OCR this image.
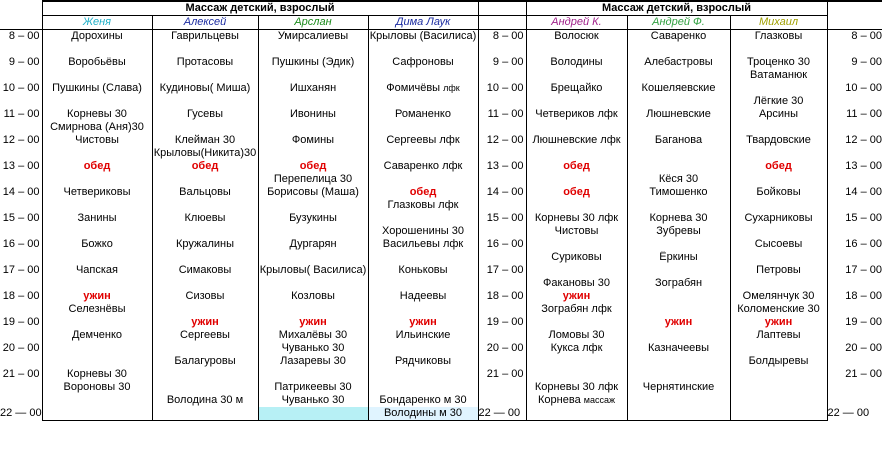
	Массаж детский, взрослый					Массаж детский, взрослый			
	Женя	Алексей	Арслан	Дима Лаук		Андрей К.	Андрей Ф.	Михаил	
8 – 00	Дорохины	Гаврильцевы	Умирсалиевы	Крыловы (Василиса)	8 – 00	Волосюк	Саваренко	Глазковы	8 – 00

9 – 00	Воробьёвы	Протасовы	Пушкины (Эдик)	Сафроновы	9 – 00	Володины	Алебастровы	Троценко 30	9 – 00
								Ватаманюк	
10 – 00	Пушкины (Слава)	Кудиновы( Миша)	Ишханян	Фомичёвы лфк	10 – 00	Брещайко	Кошеляевские		10 – 00
								Лёгкие 30	
11 – 00	Корневы 30	Гусевы	Ивонины	Романенко	11 – 00	Четвериков лфк	Люшневские	Арсины	11 – 00
	Смирнова (Аня)30								
12 – 00	Чистовы	Клейман 30	Фомины	Сергеевы лфк	12 – 00	Люшневские лфк	Баганова	Твардовские	12 – 00
		Крыловы(Никита)30							
13 – 00	обед	обед	обед	Саваренко лфк	13 – 00	обед		обед	13 – 00
			Перепелица 30				Кёся 30		
14 – 00	Четвериковы	Вальцовы	Борисовы (Маша)	обед	14 – 00	обед	Тимошенко	Бойковы	14 – 00
				Глазковы лфк					
15 – 00	Занины	Клюевы	Бузукины		15 – 00	Корневы 30 лфк	Корнева 30	Сухарниковы	15 – 00
				Хорошенины 30		Чистовы	Зубревы		
16 – 00	Божко	Кружалины	Дургарян	Васильевы лфк	16 – 00			Сысоевы	16 – 00
						Суриковы	Ёркины		
17 – 00	Чапская	Симаковы	Крыловы( Василиса)	Коньковы	17 – 00			Петровы	17 – 00
						Факановы 30	Зограбян		
18 – 00	ужин	Сизовы	Козловы	Надеевы	18 – 00	ужин		Омелянчук 30	18 – 00
	Селезнёвы					Зограбян лфк		Коломенские 30	
19 – 00		ужин	ужин	ужин	19 – 00		ужин	ужин	19 – 00
	Демченко	Сергеевы	Михалёвы 30	Ильинские		Ломовы 30		Лаптевы	
20 – 00			Чуванько 30		20 – 00	Кукса лфк	Казначеевы		20 – 00
		Балагуровы	Лазаревы 30	Рядчиковы				Болдыревы	
21 – 00	Корневы 30				21 – 00				21 – 00
	Вороновы 30		Патрикеевы 30			Корневы 30 лфк	Чернятинские		
		Володина 30 м	Чуванько 30	Бондаренко м 30		Корнева массаж			
22 — 00				Володины м 30	22 — 00				22 — 00
